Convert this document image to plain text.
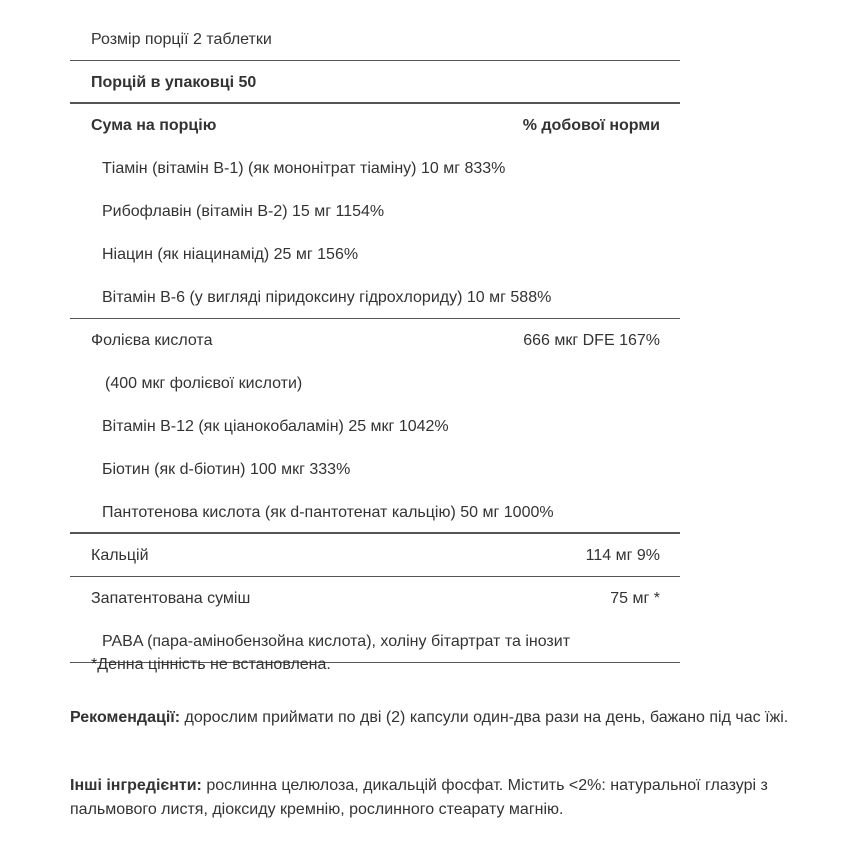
Розмір порції 2 таблетки
Порцій в упаковці 50
Сума на порцію	% добової норми
Тіамін (вітамін B-1) (як мононітрат тіаміну) 10 мг 833%
Рибофлавін (вітамін B-2) 15 мг 1154%
Ніацин (як ніацинамід) 25 мг 156%
Вітамін B-6 (у вигляді піридоксину гідрохлориду) 10 мг 588%
Фолієва кислота	666 мкг DFE 167%
(400 мкг фолієвої кислоти)
Вітамін B-12 (як ціанокобаламін) 25 мкг 1042%
Біотин (як d-біотин) 100 мкг 333%
Пантотенова кислота (як d-пантотенат кальцію) 50 мг 1000%
Кальцій	114 мг 9%
Запатентована суміш	75 мг *
PABA (пара-амінобензойна кислота), холіну бітартрат та інозит
*Денна цінність не встановлена.
Рекомендації: дорослим приймати по дві (2) капсули один-два рази на день, бажано під час їжі.
Інші інгредієнти: рослинна целюлоза, дикальцій фосфат. Містить <2%: натуральної глазурі з пальмового листя, діоксиду кремнію, рослинного стеарату магнію.
